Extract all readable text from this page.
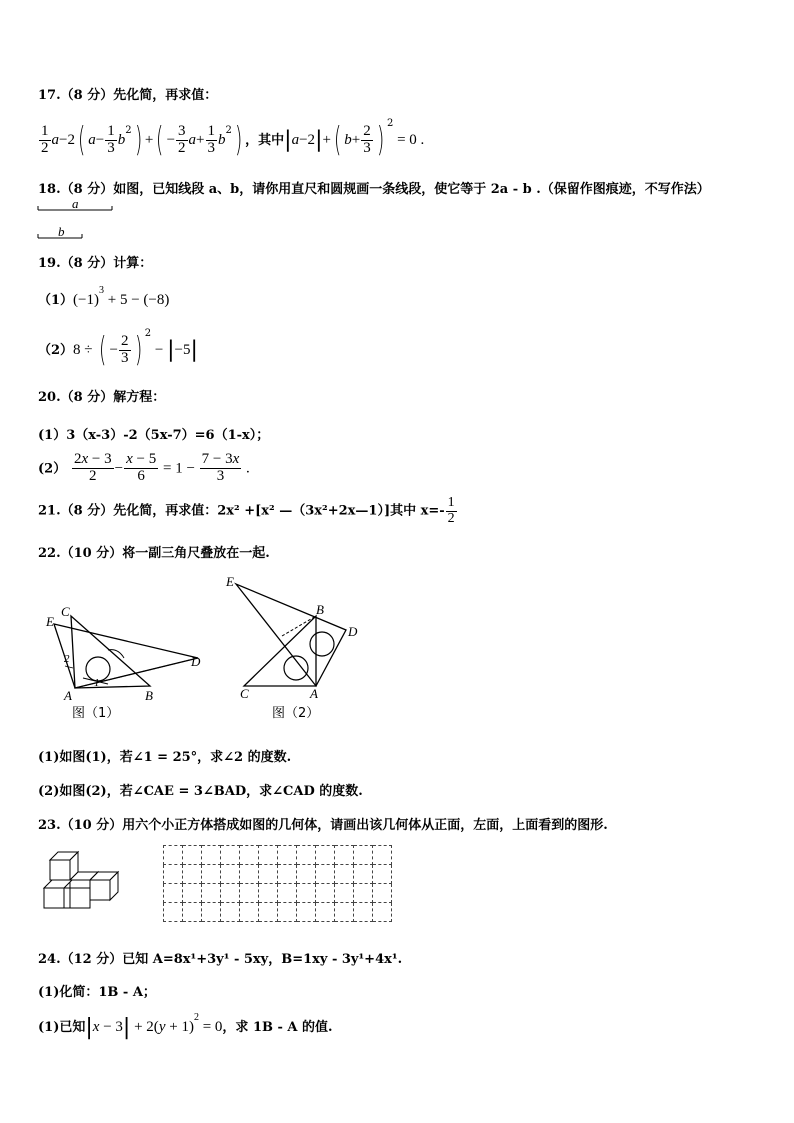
17.（8 分）先化简，再求值：
$\frac{1}{2} a-2$( $a- \frac{1}{3} b^2$) +( − $\frac{3}{2} a+ \frac{1}{3} b^2$) ，其中|a−2|+( $b+ \frac{2}{3}$ ) $^2$ = 0 .
18.（8 分）如图，已知线段 a、b，请你用直尺和圆规画一条线段，使它等于 2a - b .（保留作图痕迹，不写作法）
a
b
19.（8 分）计算：
$(1)(-1)^3 + 5 - (-8)$
（2）8 ÷ ( − $\frac{2}{3}$ ) $^2$ − |−5|
20.（8 分）解方程：
(1）3（x-3）-2（5x-7）=6（1-x）；
$(2) \frac{2x - 3}{2} - \frac{x - 5}{6} = 1 - \frac{7 - 3x}{3}$ .
21.（8 分）先化简，再求值：2x² +[x² —（3x²+2x—1）]其中 $x=- \frac{1}{2}$
22.（10 分）将一副三角尺叠放在一起.
E
C
2
1
A	B
D
E
B
D
C	A
图（1）	图（2）
(1)如图(1)，若∠1 = 25°，求∠2 的度数.
(2)如图(2)，若∠CAE = 3∠BAD，求∠CAD 的度数.
23.（10 分）用六个小正方体搭成如图的几何体，请画出该几何体从正面，左面，上面看到的图形.

24.（12 分）已知 A=8x¹+3y¹ - 5xy，B=1xy - 3y¹+4x¹.
(1)化简：1B - A；
(1)已知$|x - 3| + 2(y + 1)^2 = 0$，求 1B - A 的值.
